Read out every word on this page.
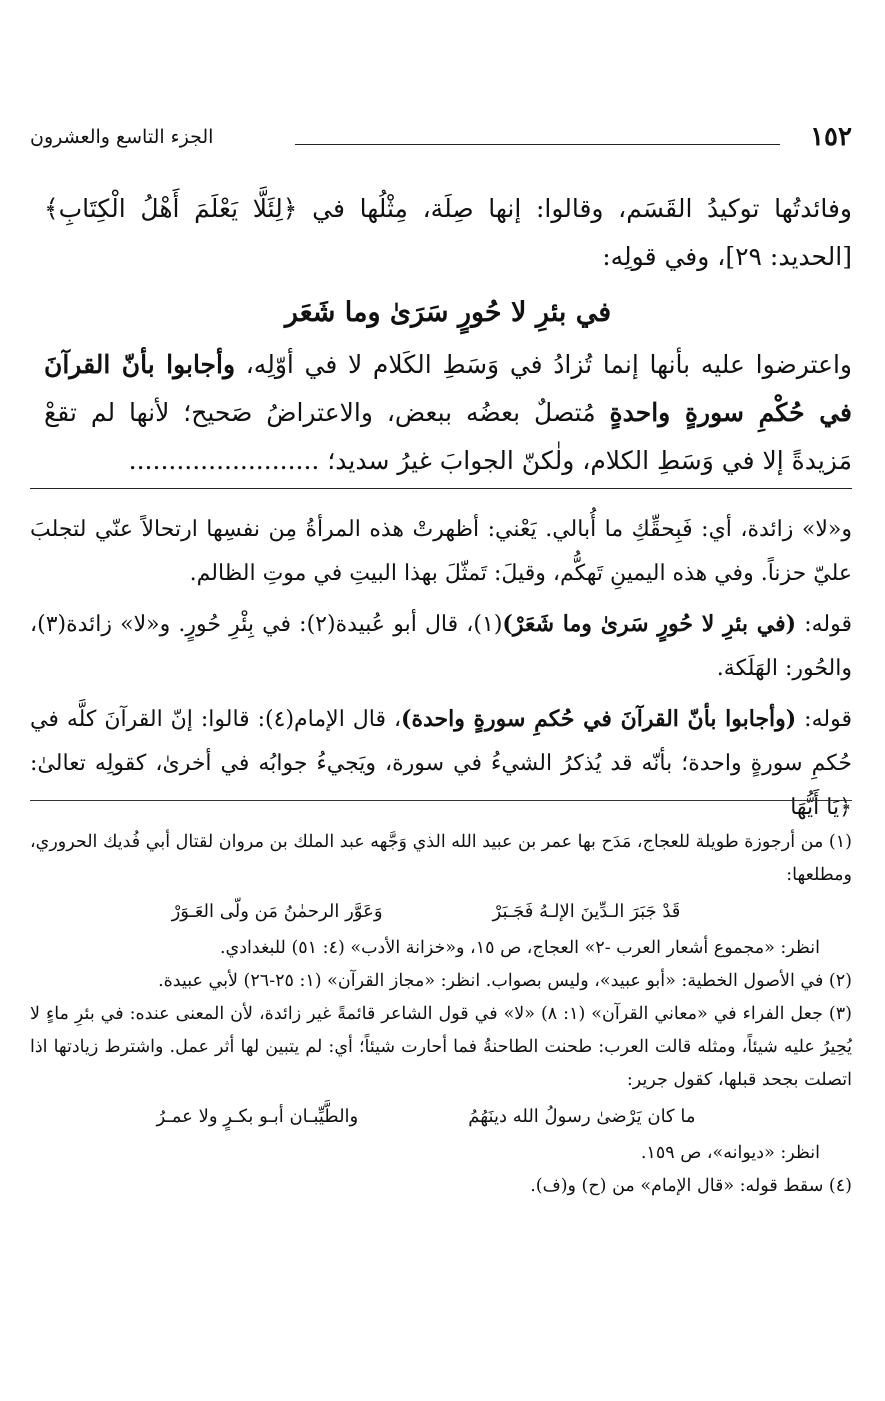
١٥٢
الجزء التاسع والعشرون

وفائدتُها توكيدُ القَسَم، وقالوا: إنها صِلَة، مِثْلُها في ﴿لِئَلَّا يَعْلَمَ أَهْلُ الْكِتَابِ﴾ [الحديد: ٢٩]، وفي قولِه:

في بئرِ لا حُورٍ سَرَىٰ وما شَعَر

واعترضوا عليه بأنها إنما تُزادُ في وَسَطِ الكَلام لا في أوّلِه، وأجابوا بأنّ القرآنَ في حُكْمِ سورةٍ واحدةٍ مُتصلٌ بعضُه ببعض، والاعتراضُ صَحيح؛ لأنها لم تقعْ مَزيدةً إلا في وَسَطِ الكلام، ولٰكنّ الجوابَ غيرُ سديد؛ ........................

و«لا» زائدة، أي: فَبِحقِّكِ ما أُبالي. يَعْني: أظهرتْ هذه المرأةُ مِن نفسِها ارتحالاً عنّي لتجلبَ عليّ حزناً. وفي هذه اليمينِ تَهكُّم، وقيلَ: تَمثّلَ بهذا البيتِ في موتِ الظالم.

قوله: (في بئرِ لا حُورٍ سَرىٰ وما شَعَرْ)(١)، قال أبو عُبيدة(٢): في بِئْرِ حُورٍ. و«لا» زائدة(٣)، والحُور: الهَلَكة.

قوله: (وأجابوا بأنّ القرآنَ في حُكمِ سورةٍ واحدة)، قال الإمام(٤): قالوا: إنّ القرآنَ كلَّه في حُكمِ سورةٍ واحدة؛ بأنّه قد يُذكرُ الشيءُ في سورة، ويَجيءُ جوابُه في أخرىٰ، كقولِه تعالىٰ: ﴿يَا أَيُّهَا

(١) من أرجوزة طويلة للعجاج، مَدَح بها عمر بن عبيد الله الذي وَجَّهه عبد الملك بن مروان لقتال أبي فُديك الحروري، ومطلعها:

قَدْ جَبَرَ الـدِّينَ الإلـهُ فَجَـبَرْ
وَعَوَّر الرحمٰنُ مَن ولّى العَـوَرْ

انظر: «مجموع أشعار العرب -٢» العجاج، ص ١٥، و«خزانة الأدب» (٤: ٥١) للبغدادي.

(٢) في الأصول الخطية: «أبو عبيد»، وليس بصواب. انظر: «مجاز القرآن» (١: ٢٥-٢٦) لأبي عبيدة.

(٣) جعل الفراء في «معاني القرآن» (١: ٨) «لا» في قول الشاعر قائمةً غير زائدة، لأن المعنى عنده: في بئرِ ماءٍ لا يُحِيرُ عليه شيئاً، ومثله قالت العرب: طحنت الطاحنةُ فما أحارت شيئاً؛ أي: لم يتبين لها أثر عمل. واشترط زيادتها اذا اتصلت بجحد قبلها، كقول جرير:

ما كان يَرْضىٰ رسولُ الله دينَهُمُ
والطَّيِّبـان أبـو بكـرٍ ولا عمـرُ

انظر: «ديوانه»، ص ١٥٩.

(٤) سقط قوله: «قال الإمام» من (ح) و(ف).
